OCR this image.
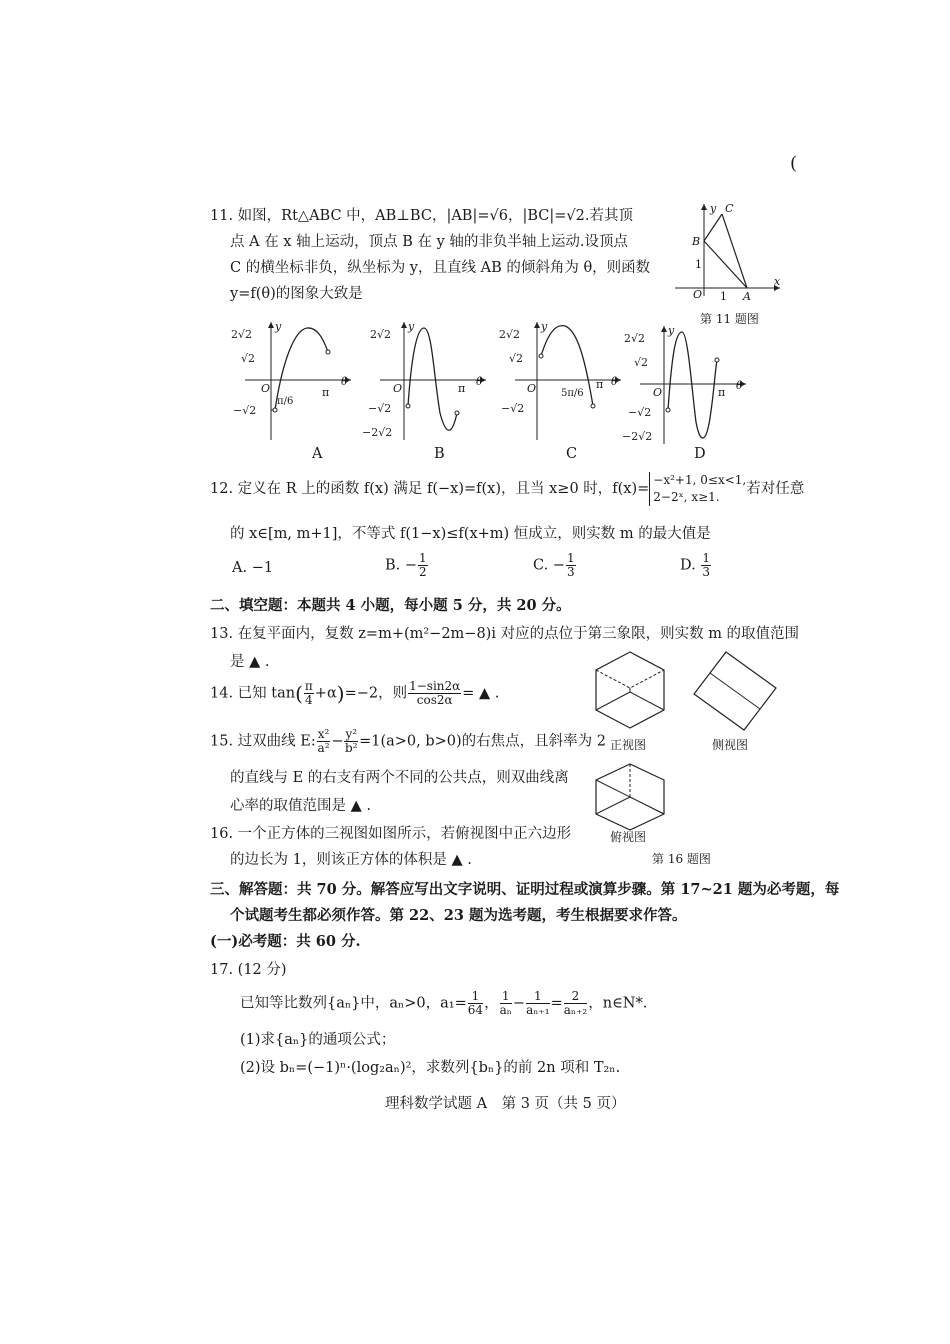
(
11. 如图，Rt△ABC 中，AB⊥BC，|AB|=√6，|BC|=√2.若其顶
点 A 在 x 轴上运动，顶点 B 在 y 轴的非负半轴上运动.设顶点
C 的横坐标非负，纵坐标为 y，且直线 AB 的倾斜角为 θ，则函数
y=f(θ)的图象大致是
y
x
C
B
A
O
1
1
第 11 题图
y
θ
2√2
√2
−√2
O
π/6
π
A
y
θ
2√2
−√2
−2√2
O	π
B
y
θ
2√2
√2
−√2
O 5π/6
π
C
y
θ
2√2
√2
−√2
−2√2
O	π
D
12. 定义在 R 上的函数 f(x) 满足 f(−x)=f(x)，且当 x≥0 时，f(x)=
−x²+1, 0≤x<1,
2−2ˣ, x≥1.	若对任意
的 x∈[m, m+1]，不等式 f(1−x)≤f(x+m) 恒成立，则实数 m 的最大值是
A. −1	B. − $\frac{1}{2}$	C. − $\frac{1}{3}$	D. $\frac{1}{3}$
二、填空题：本题共 4 小题，每小题 5 分，共 20 分。
13. 在复平面内，复数 z=m+(m²−2m−8)i 对应的点位于第三象限，则实数 m 的取值范围
是 ▲ .
14. 已知 $\tan( \frac{\pi}{4} +\alpha)=-2$，则 $\frac{1-\sin 2\alpha}{\cos 2\alpha}$ = ▲ .
15. 过双曲线 E: $\frac{\text{x²}}{\text{a²}} - \frac{\text{y²}}{\text{b²}} =1(a>0$, b>0)的右焦点，且斜率为 2
的直线与 E 的右支有两个不同的公共点，则双曲线离
心率的取值范围是 ▲ .
16. 一个正方体的三视图如图所示，若俯视图中正六边形
的边长为 1，则该正方体的体积是 ▲ .
正视图	侧视图
俯视图
第 16 题图
三、解答题：共 70 分。解答应写出文字说明、证明过程或演算步骤。第 17~21 题为必考题，每
个试题考生都必须作答。第 22、23 题为选考题，考生根据要求作答。
(一)必考题：共 60 分.
17. (12 分)
已知等比数列{aₙ}中，aₙ>0，$a_1= \frac{1}{64}$ ， $\frac{1}{\text{aₙ}} - \frac{1}{\text{aₙ₊₁}} = \frac{2}{\text{aₙ₊₂}}$ ，n∈N*.
(1)求{aₙ}的通项公式；
(2)设 bₙ=(−1)ⁿ·(log₂aₙ)²，求数列{bₙ}的前 2n 项和 T₂ₙ.
理科数学试题 A　第 3 页（共 5 页）
